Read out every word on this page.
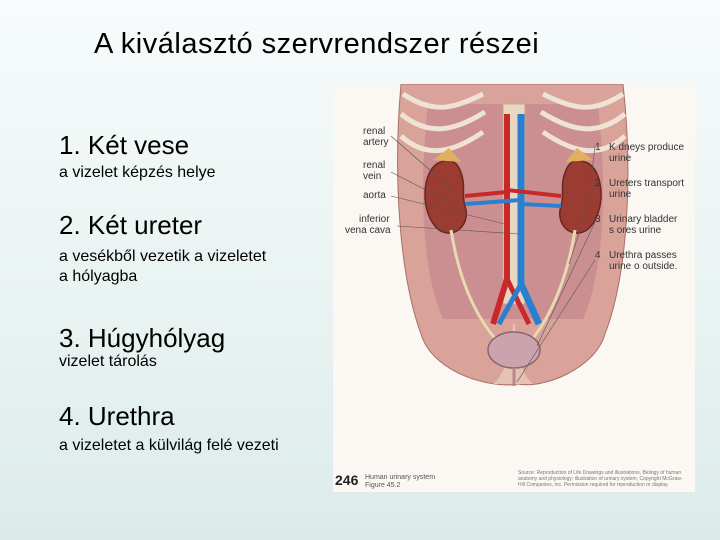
A kiválasztó szervrendszer részei
1. Két vese
a vizelet képzés helye
2. Két ureter
a vesékből vezetik a vizeletet
a hólyagba
3. Húgyhólyag
vizelet tárolás
4. Urethra
a vizeletet a külvilág felé vezeti
renal
artery
renal
vein
aorta
inferior
vena cava
1 K dneys produce
urine
2 Ureters transport
urine
3 Urinary bladder
s ores urine
4 Urethra passes
urine o outside.
246 Human urinary system
Figure 45.2
Source: Reproduction of Life Drawings and illustrations, Biology of human anatomy and physiology; illustration of urinary system, Copyright McGraw-Hill Companies, Inc. Permission required for reproduction or display.
